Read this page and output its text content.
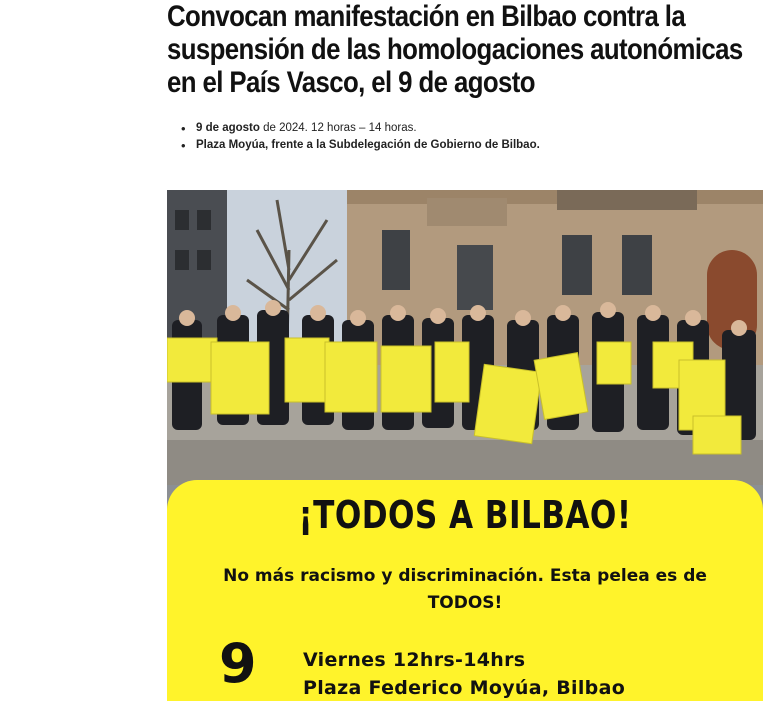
Convocan manifestación en Bilbao contra la suspensión de las homologaciones autonómicas en el País Vasco, el 9 de agosto
• 9 de agosto de 2024. 12 horas – 14 horas.
• Plaza Moyúa, frente a la Subdelegación de Gobierno de Bilbao.
¡TODOS A BILBAO!
No más racismo y discriminación. Esta pelea es de TODOS!
9 Viernes 12hrs-14hrs
Plaza Federico Moyúa, Bilbao
